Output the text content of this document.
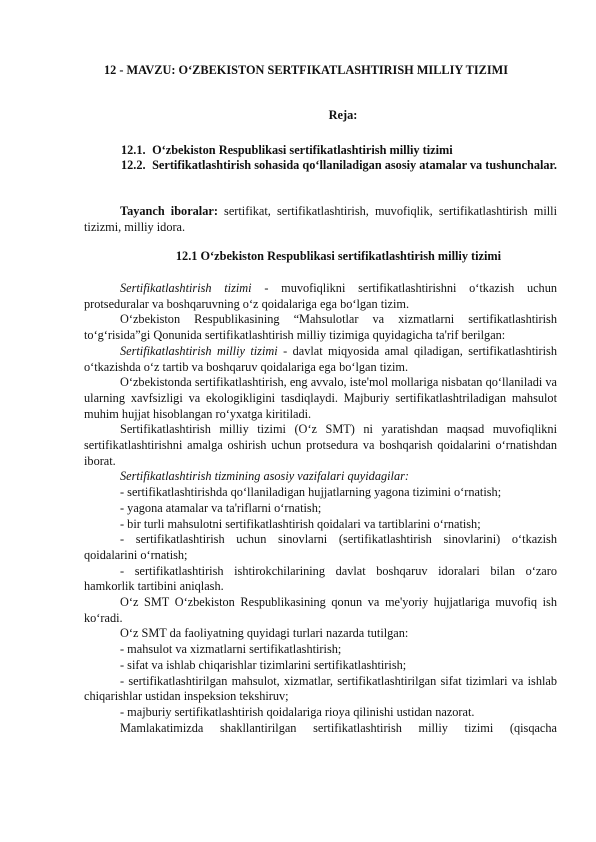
12 - MAVZU: O‘ZBEKISTON SERTFIKATLASHTIRISH MILLIY TIZIMI
Reja:
12.1. O‘zbekiston Respublikasi sertifikatlashtirish milliy tizimi
12.2. Sertifikatlashtirish sohasida qo‘llaniladigan asosiy atamalar va tushunchalar.
Tayanch iboralar: sertifikat, sertifikatlashtirish, muvofiqlik, sertifikatlashtirish milli tizizmi, milliy idora.
12.1 O‘zbekiston Respublikasi sertifikatlashtirish milliy tizimi

Sertifikatlashtirish tizimi - muvofiqlikni sertifikatlashtirishni o‘tkazish uchun protseduralar va boshqaruvning o‘z qoidalariga ega bo‘lgan tizim.

O‘zbekiston Respublikasining “Mahsulotlar va xizmatlarni sertifikatlashtirish to‘g‘risida”gi Qonunida sertifikatlashtirish milliy tizimiga quyidagicha ta'rif berilgan:

Sertifikatlashtirish milliy tizimi - davlat miqyosida amal qiladigan, sertifikatlashtirish o‘tkazishda o‘z tartib va boshqaruv qoidalariga ega bo‘lgan tizim.

O‘zbekistonda sertifikatlashtirish, eng avvalo, iste'mol mollariga nisbatan qo‘llaniladi va ularning xavfsizligi va ekologikligini tasdiqlaydi. Majburiy sertifikatlashtriladigan mahsulot muhim hujjat hisoblangan ro‘yxatga kiritiladi.

Sertifikatlashtirish milliy tizimi (O‘z SMT) ni yaratishdan maqsad muvofiqlikni sertifikatlashtirishni amalga oshirish uchun protsedura va boshqarish qoidalarini o‘rnatishdan iborat.

Sertifikatlashtirish tizmining asosiy vazifalari quyidagilar:

- sertifikatlashtirishda qo‘llaniladigan hujjatlarning yagona tizimini o‘rnatish;

- yagona atamalar va ta'riflarni o‘rnatish;

- bir turli mahsulotni sertifikatlashtirish qoidalari va tartiblarini o‘rnatish;

- sertifikatlashtirish uchun sinovlarni (sertifikatlashtirish sinovlarini) o‘tkazish qoidalarini o‘rnatish;

- sertifikatlashtirish ishtirokchilarining davlat boshqaruv idoralari bilan o‘zaro hamkorlik tartibini aniqlash.

O‘z SMT O‘zbekiston Respublikasining qonun va me'yoriy hujjatlariga muvofiq ish ko‘radi.

O‘z SMT da faoliyatning quyidagi turlari nazarda tutilgan:

- mahsulot va xizmatlarni sertifikatlashtirish;

- sifat va ishlab chiqarishlar tizimlarini sertifikatlashtirish;

- sertifikatlashtirilgan mahsulot, xizmatlar, sertifikatlashtirilgan sifat tizimlari va ishlab chiqarishlar ustidan inspeksion tekshiruv;

- majburiy sertifikatlashtirish qoidalariga rioya qilinishi ustidan nazorat.

Mamlakatimizda shakllantirilgan sertifikatlashtirish milliy tizimi (qisqacha
